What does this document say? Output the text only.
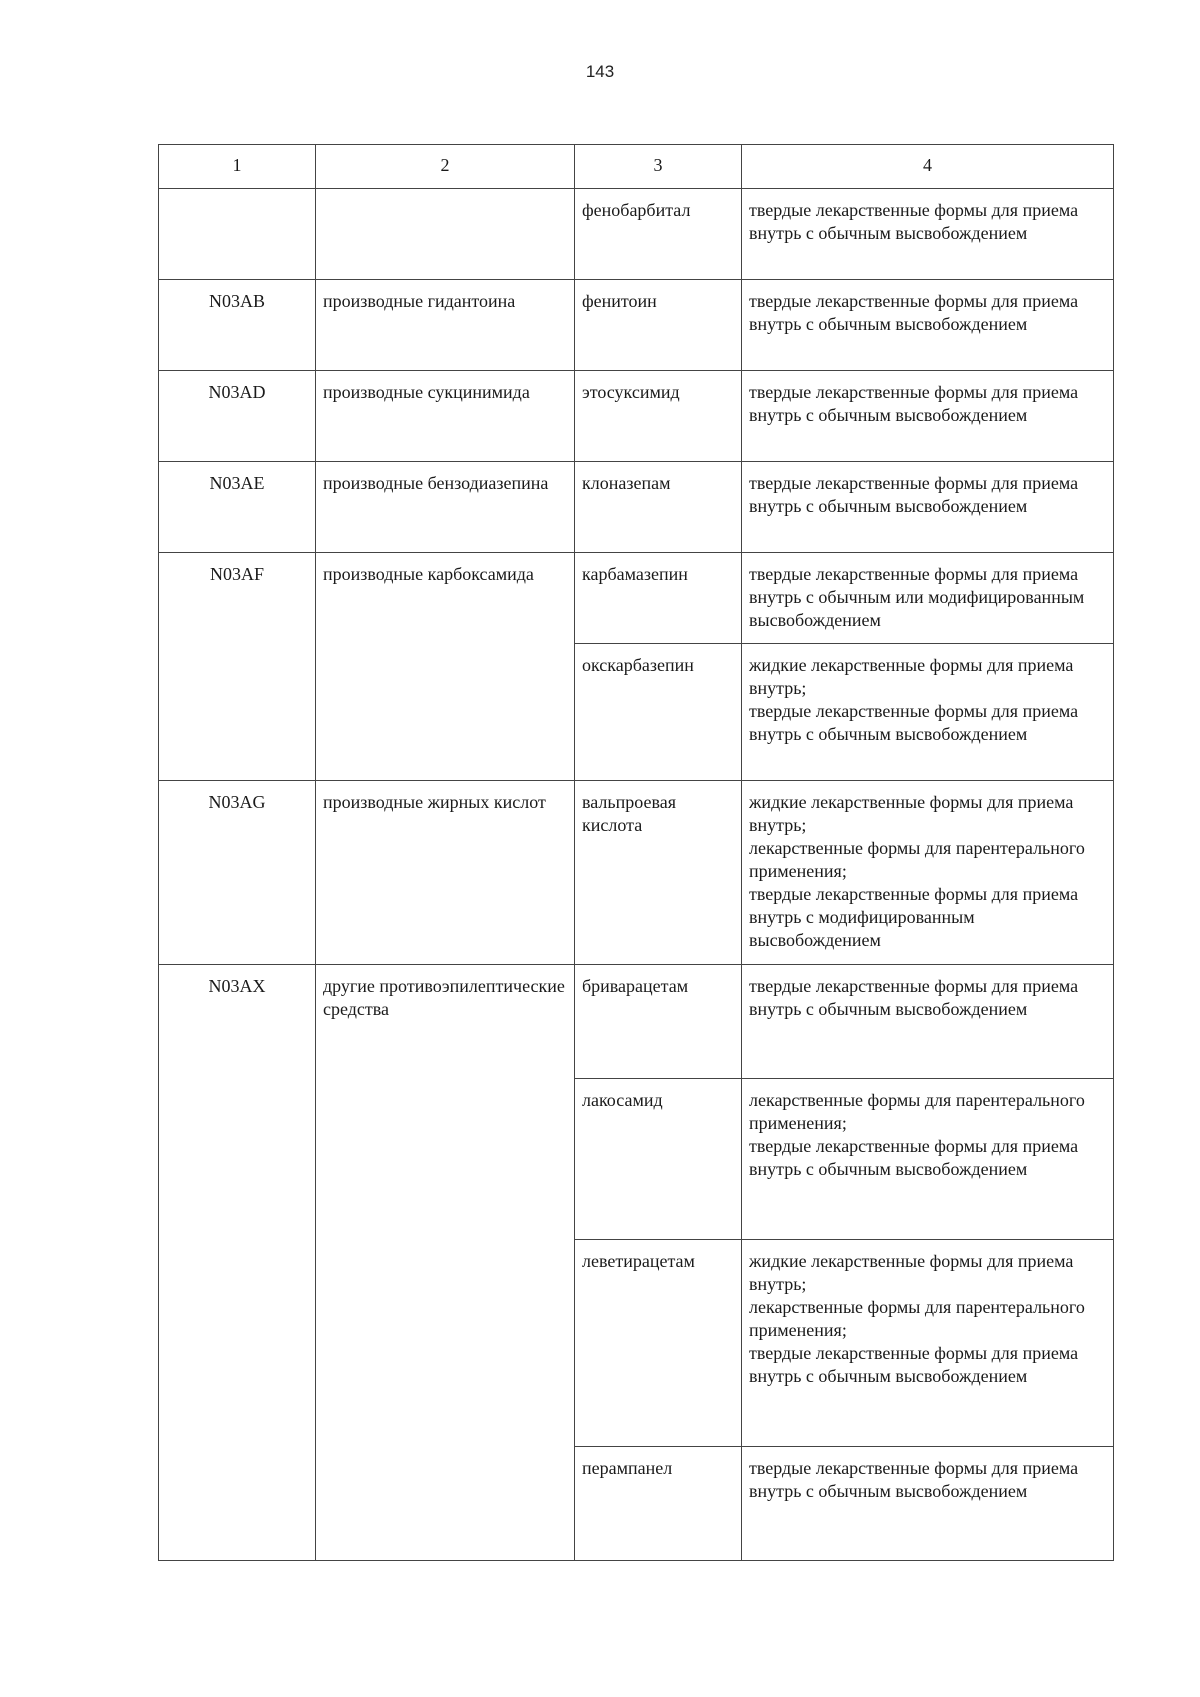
143
1	2	3	4
		фенобарбитал	твердые лекарственные формы для приема внутрь с обычным высвобождением

N03AB	производные гидантоина	фенитоин	твердые лекарственные формы для приема внутрь с обычным высвобождением

N03AD	производные сукцинимида	этосуксимид	твердые лекарственные формы для приема внутрь с обычным высвобождением

N03AE	производные бензодиазепина	клоназепам	твердые лекарственные формы для приема внутрь с обычным высвобождением

N03AF	производные карбоксамида	карбамазепин	твердые лекарственные формы для приема внутрь с обычным или модифицированным высвобождением

		окскарбазепин	жидкие лекарственные формы для приема внутрь;
твердые лекарственные формы для приема внутрь с обычным высвобождением

N03AG	производные жирных кислот	вальпроевая кислота	жидкие лекарственные формы для приема внутрь;
лекарственные формы для парентерального применения;
твердые лекарственные формы для приема внутрь с модифицированным высвобождением

N03AX	другие противоэпилептические средства	бриварацетам	твердые лекарственные формы для приема внутрь с обычным высвобождением

		лакосамид	лекарственные формы для парентерального применения;
твердые лекарственные формы для приема внутрь с обычным высвобождением

		леветирацетам	жидкие лекарственные формы для приема внутрь;
лекарственные формы для парентерального применения;
твердые лекарственные формы для приема внутрь с обычным высвобождением

		перампанел	твердые лекарственные формы для приема внутрь с обычным высвобождением
